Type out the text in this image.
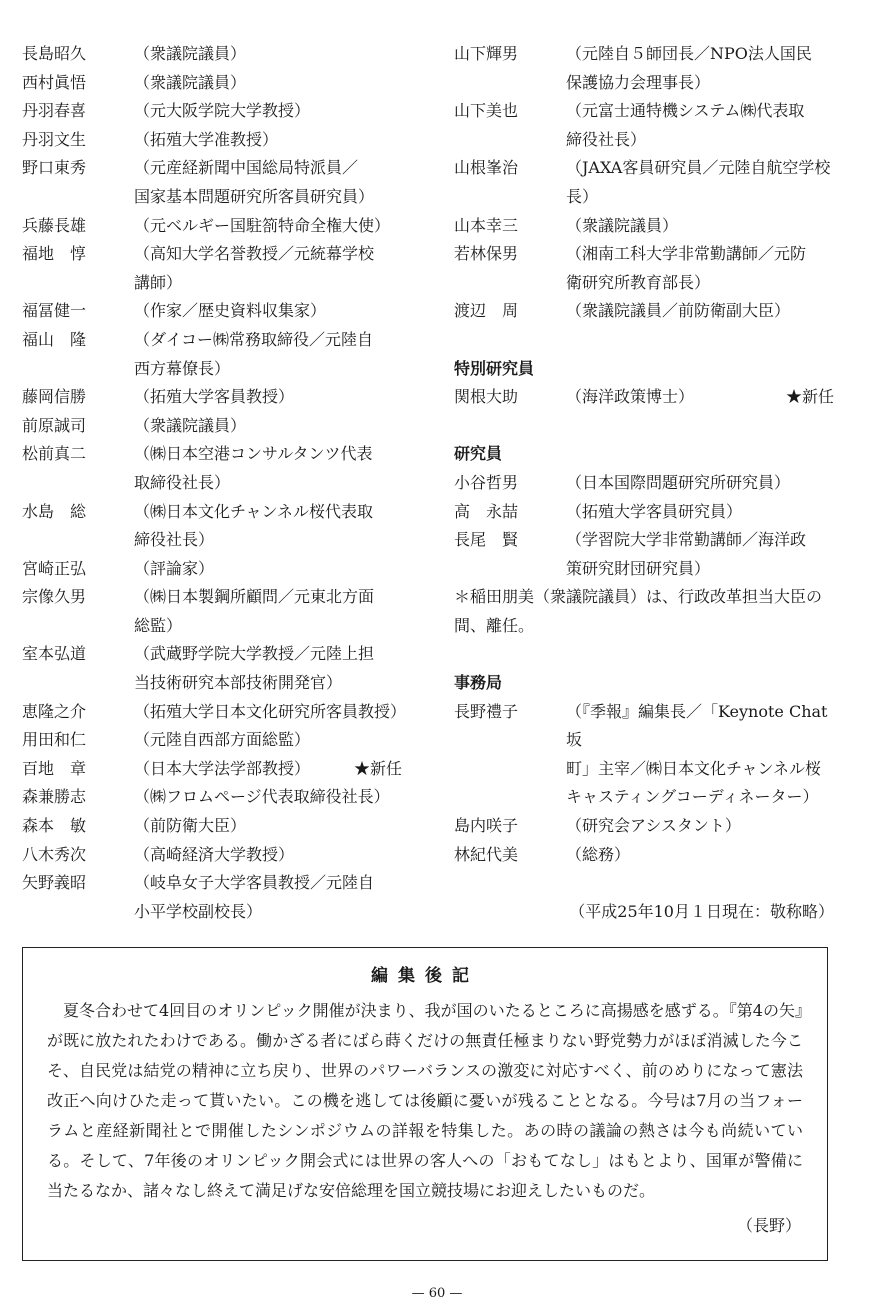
長島昭久	（衆議院議員）
西村眞悟	（衆議院議員）
丹羽春喜	（元大阪学院大学教授）
丹羽文生	（拓殖大学准教授）
野口東秀	（元産経新聞中国総局特派員／
国家基本問題研究所客員研究員）
兵藤長雄	（元ベルギー国駐箚特命全権大使）
福地　惇	（高知大学名誉教授／元統幕学校
講師）
福冨健一	（作家／歴史資料収集家）
福山　隆	（ダイコー㈱常務取締役／元陸自
西方幕僚長）
藤岡信勝	（拓殖大学客員教授）
前原誠司	（衆議院議員）
松前真二	（㈱日本空港コンサルタンツ代表
取締役社長）
水島　総	（㈱日本文化チャンネル桜代表取
締役社長）
宮崎正弘	（評論家）
宗像久男	（㈱日本製鋼所顧問／元東北方面
総監）
室本弘道	（武蔵野学院大学教授／元陸上担
当技術研究本部技術開発官）
恵隆之介	（拓殖大学日本文化研究所客員教授）
用田和仁	（元陸自西部方面総監）
百地　章	（日本大学法学部教授）	★新任
森兼勝志	（㈱フロムページ代表取締役社長）
森本　敏	（前防衛大臣）
八木秀次	（高崎経済大学教授）
矢野義昭	（岐阜女子大学客員教授／元陸自
小平学校副校長）
山下輝男	（元陸自５師団長／NPO法人国民
保護協力会理事長）
山下美也	（元富士通特機システム㈱代表取
締役社長）
山根峯治	（JAXA客員研究員／元陸自航空学校長）
山本幸三	（衆議院議員）
若林保男	（湘南工科大学非常勤講師／元防
衛研究所教育部長）
渡辺　周	（衆議院議員／前防衛副大臣）
特別研究員
関根大助	（海洋政策博士）	★新任
研究員
小谷哲男	（日本国際問題研究所研究員）
高　永喆	（拓殖大学客員研究員）
長尾　賢	（学習院大学非常勤講師／海洋政
策研究財団研究員）
＊稲田朋美（衆議院議員）は、行政改革担当大臣の
間、離任。
事務局
長野禮子	（『季報』編集長／「Keynote Chat 坂
町」主宰／㈱日本文化チャンネル桜
キャスティングコーディネーター）
島内咲子	（研究会アシスタント）
林紀代美	（総務）
（平成25年10月１日現在：敬称略）
編集後記
夏冬合わせて4回目のオリンピック開催が決まり、我が国のいたるところに高揚感を感ずる。『第4の矢』が既に放たれたわけである。働かざる者にばら蒔くだけの無責任極まりない野党勢力がほぼ消滅した今こそ、自民党は結党の精神に立ち戻り、世界のパワーバランスの激変に対応すべく、前のめりになって憲法改正へ向けひた走って貰いたい。この機を逃しては後顧に憂いが残ることとなる。今号は7月の当フォーラムと産経新聞社とで開催したシンポジウムの詳報を特集した。あの時の議論の熱さは今も尚続いている。そして、7年後のオリンピック開会式には世界の客人への「おもてなし」はもとより、国軍が警備に当たるなか、諸々なし終えて満足げな安倍総理を国立競技場にお迎えしたいものだ。
（長野）
— 60 —
